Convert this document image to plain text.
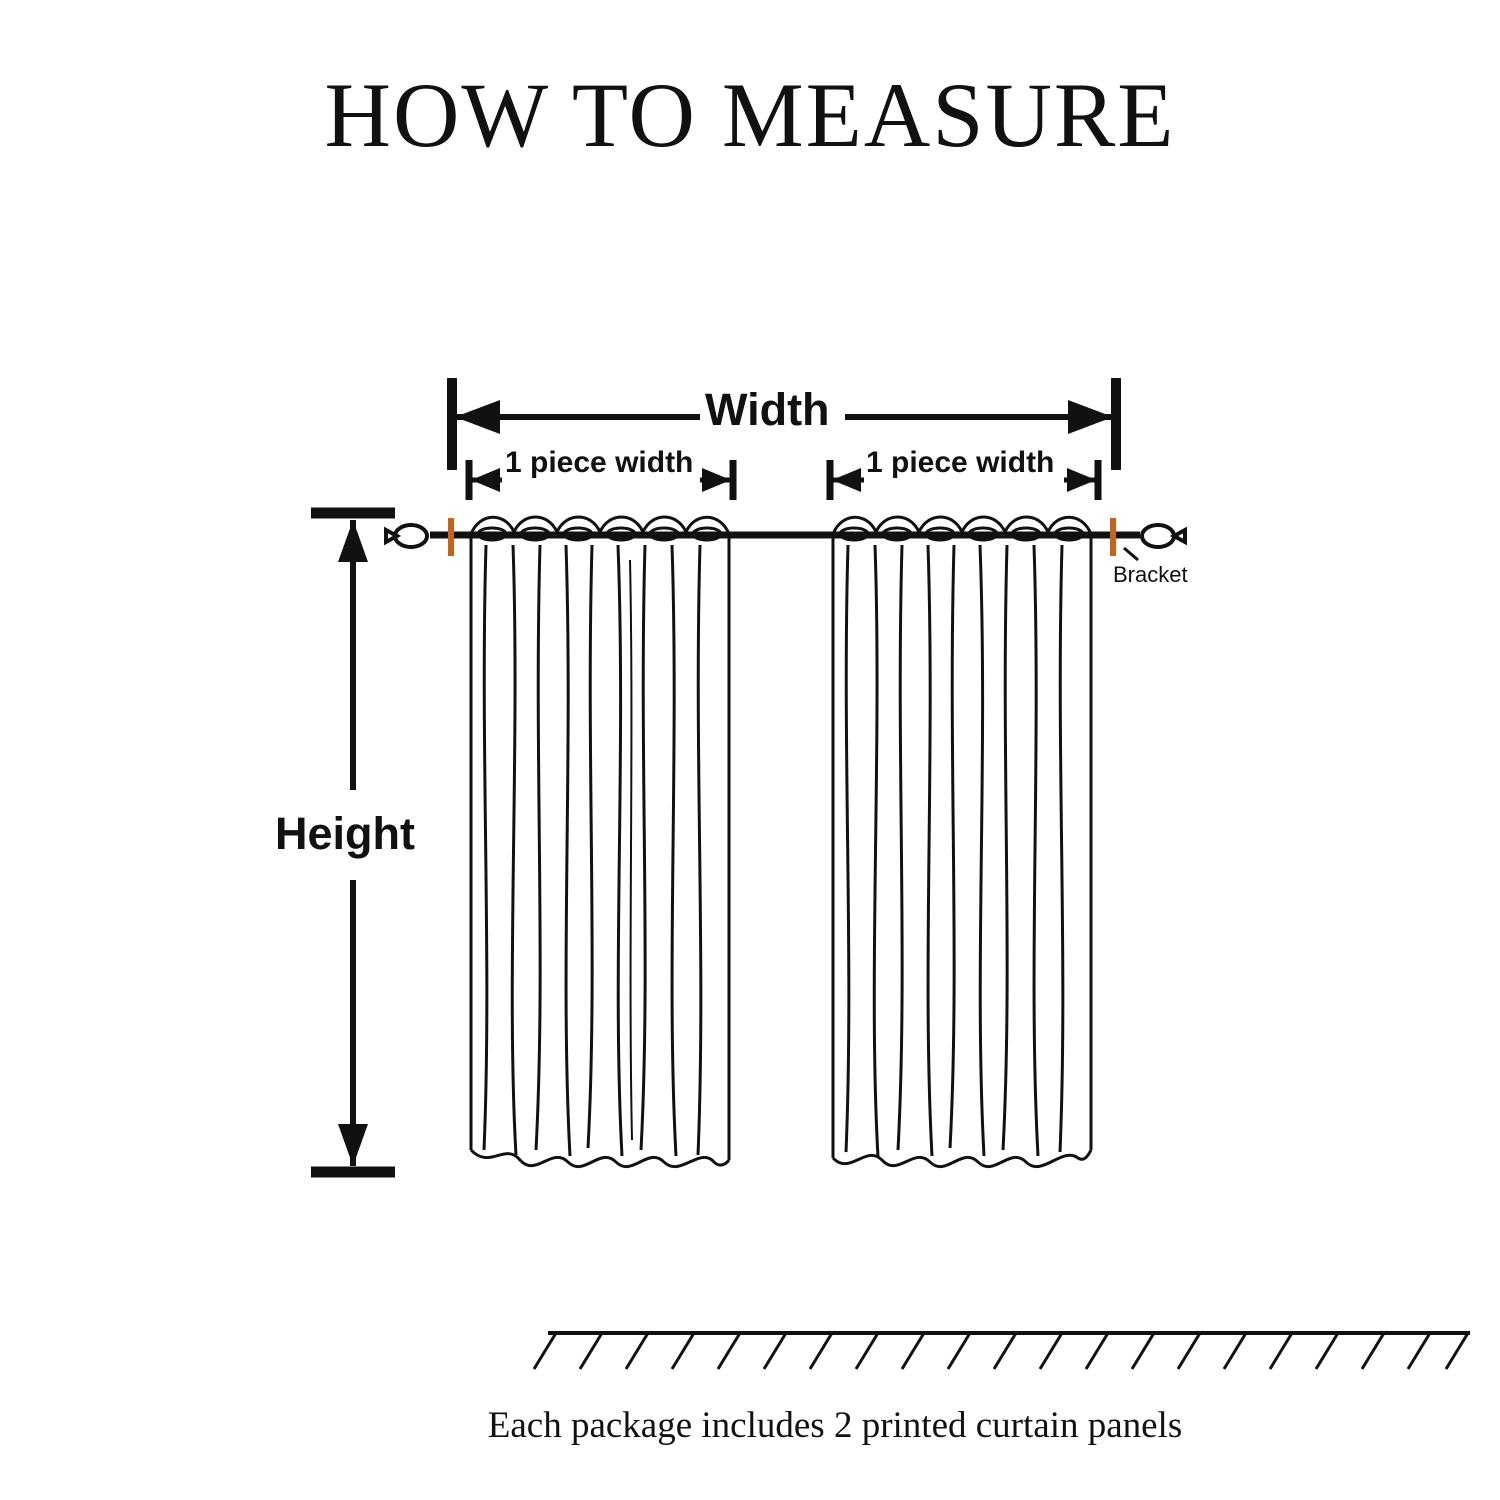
HOW TO MEASURE
Width
Height
1 piece width	1 piece width
Bracket
Each package includes 2 printed curtain panels
